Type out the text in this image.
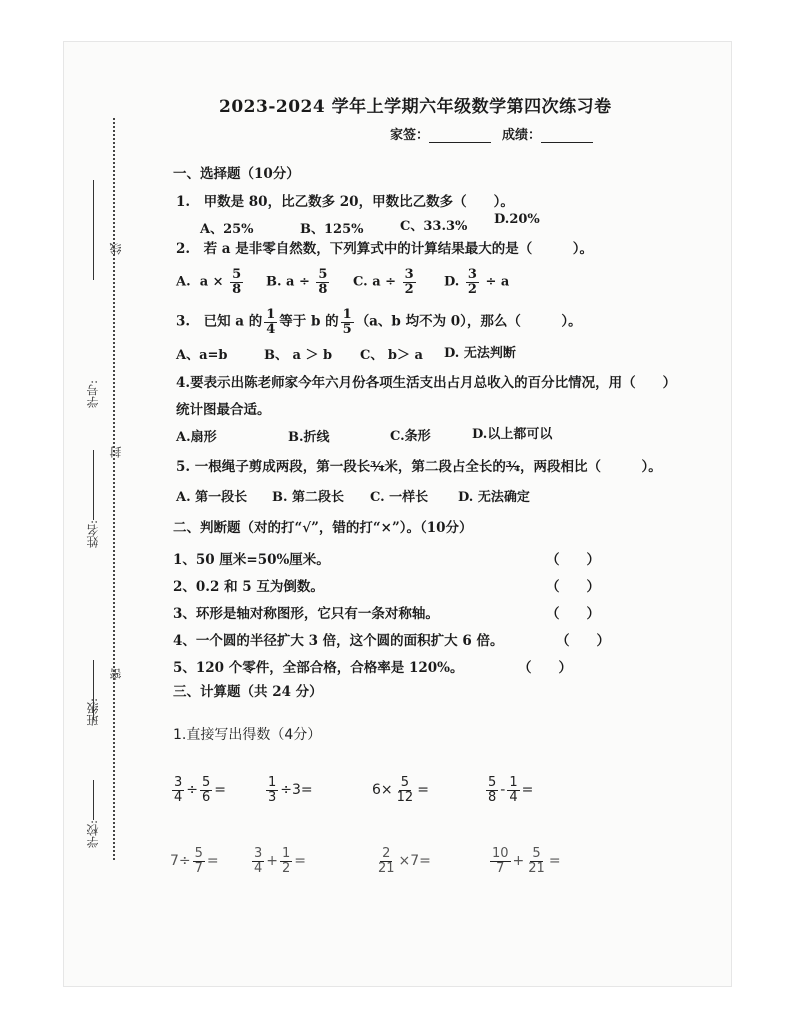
学校:
班级:
姓名:
学号:
密
封
线
2023-2024 学年上学期六年级数学第四次练习卷
家签：	成绩：
一、选择题（10分）
1.　甲数是 80，比乙数多 20，甲数比乙数多（　　）。
A、25%	B、125%	C、33.3% D.20%
2.　若 a 是非零自然数，下列算式中的计算结果最大的是（　　　）。
A. $a \times \frac{5}{8} B$. $a \div \frac{5}{8} C$. $a \div \frac{3}{2} D$. $\frac{3}{2} \div a$
3.　已知 a 的 $\frac{1}{4}$ 等于 b 的 $\frac{1}{5} (a$、b 均不为 0），那么（　　　）。
A、a=b	B、 a ＞ b C、 b＞ a D. 无法判断
4.要表示出陈老师家今年六月份各项生活支出占月总收入的百分比情况，用（　　）
统计图最合适。
A.扇形	B.折线	C.条形	D.以上都可以
5. 一根绳子剪成两段，第一段长¾米，第二段占全长的¾，两段相比（　　　）。
A. 第一段长 B. 第二段长 C. 一样长 D. 无法确定
二、判断题（对的打“√”，错的打“×”）。（10分）
1、50 厘米=50%厘米。	（　　）
2、0.2 和 5 互为倒数。	（　　）
3、环形是轴对称图形，它只有一条对称轴。	（　　）
4、一个圆的半径扩大 3 倍，这个圆的面积扩大 6 倍。	（　　）
5、120 个零件，全部合格，合格率是 120%。	（　　）
三、计算题（共 24 分）
1.直接写出得数（4分）
$\frac{3}{4} \div \frac{5}{6}$ =	$\frac{1}{3} \div 3=$	$6\times \frac{5}{12}$ =	$\frac{5}{8} - \frac{1}{4}$ =
$7\div \frac{5}{7}$ =	$\frac{3}{4} + \frac{1}{2}$ =	$\frac{2}{21} \times 7=$	$\frac{10}{7} + \frac{5}{21}$ =
